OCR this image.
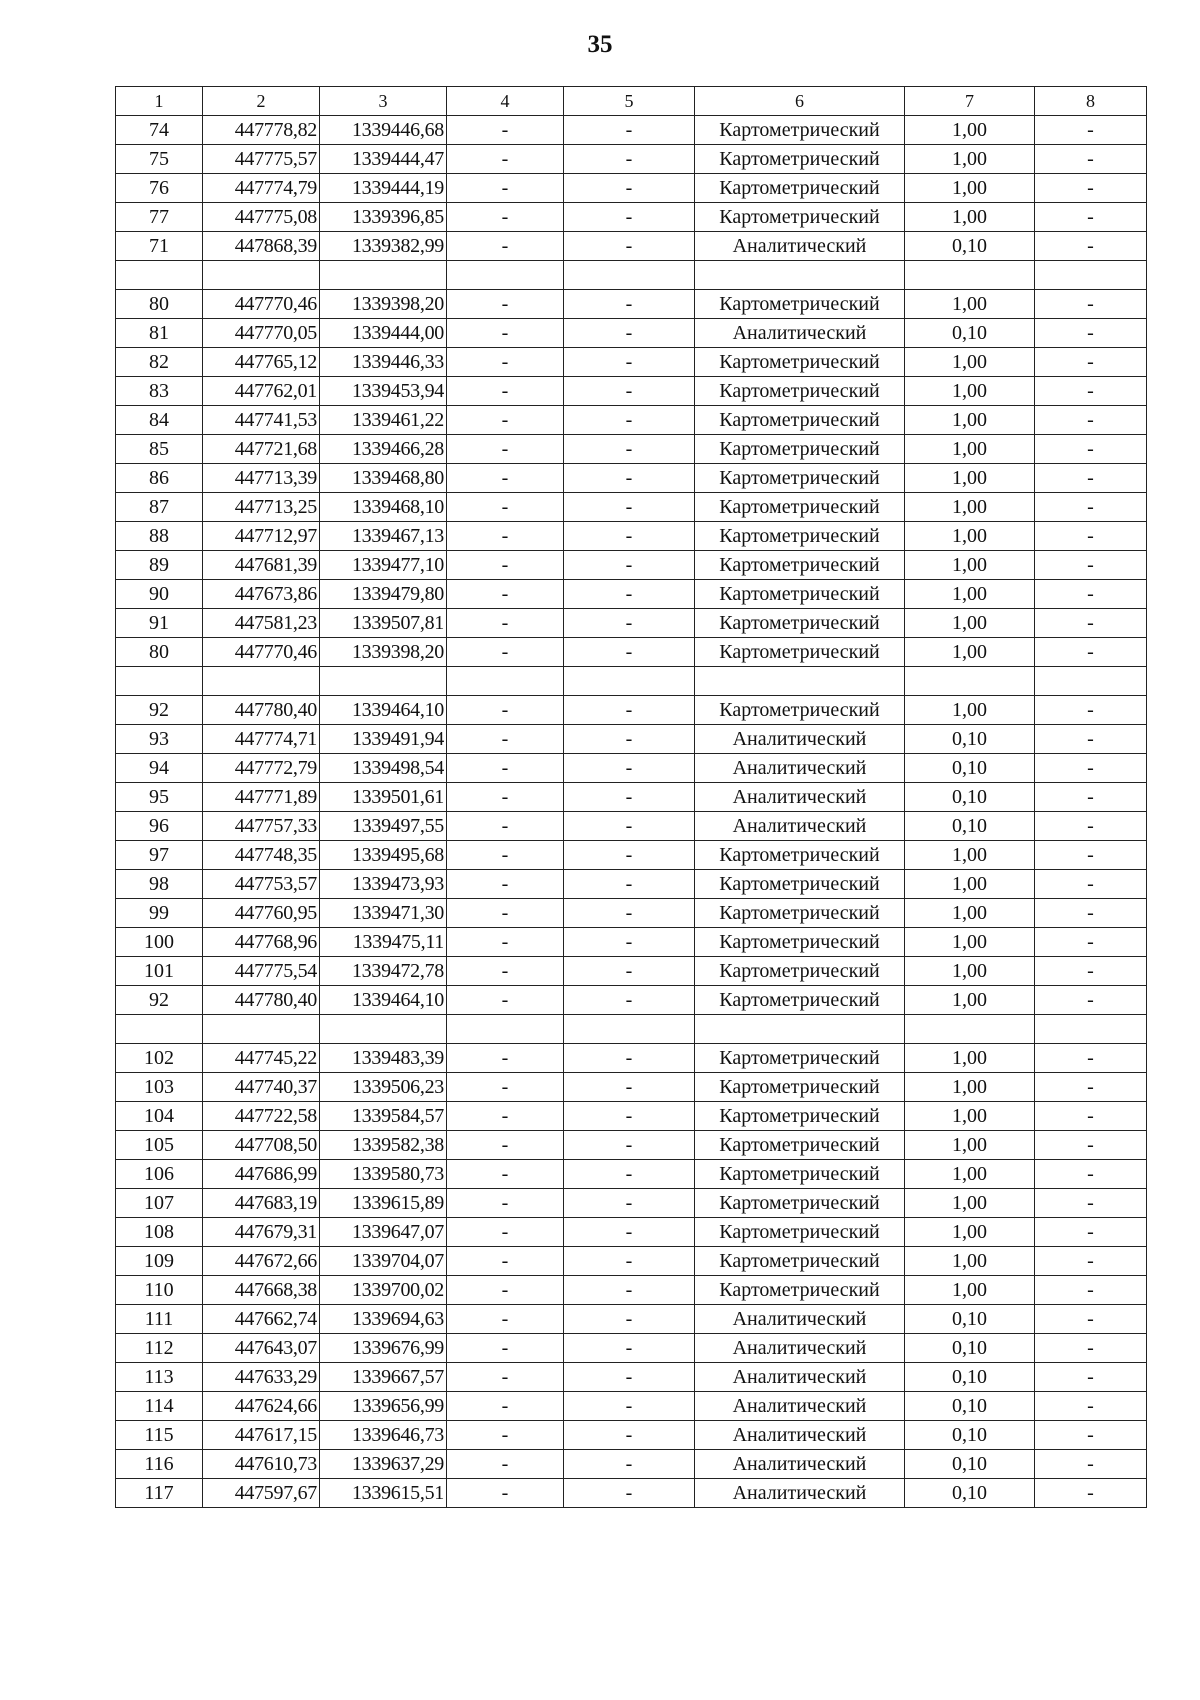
35
1	2	3	4	5	6	7	8
74	447778,82	1339446,68	-	-	Картометрический	1,00	-
75	447775,57	1339444,47	-	-	Картометрический	1,00	-
76	447774,79	1339444,19	-	-	Картометрический	1,00	-
77	447775,08	1339396,85	-	-	Картометрический	1,00	-
71	447868,39	1339382,99	-	-	Аналитический	0,10	-

80	447770,46	1339398,20	-	-	Картометрический	1,00	-
81	447770,05	1339444,00	-	-	Аналитический	0,10	-
82	447765,12	1339446,33	-	-	Картометрический	1,00	-
83	447762,01	1339453,94	-	-	Картометрический	1,00	-
84	447741,53	1339461,22	-	-	Картометрический	1,00	-
85	447721,68	1339466,28	-	-	Картометрический	1,00	-
86	447713,39	1339468,80	-	-	Картометрический	1,00	-
87	447713,25	1339468,10	-	-	Картометрический	1,00	-
88	447712,97	1339467,13	-	-	Картометрический	1,00	-
89	447681,39	1339477,10	-	-	Картометрический	1,00	-
90	447673,86	1339479,80	-	-	Картометрический	1,00	-
91	447581,23	1339507,81	-	-	Картометрический	1,00	-
80	447770,46	1339398,20	-	-	Картометрический	1,00	-

92	447780,40	1339464,10	-	-	Картометрический	1,00	-
93	447774,71	1339491,94	-	-	Аналитический	0,10	-
94	447772,79	1339498,54	-	-	Аналитический	0,10	-
95	447771,89	1339501,61	-	-	Аналитический	0,10	-
96	447757,33	1339497,55	-	-	Аналитический	0,10	-
97	447748,35	1339495,68	-	-	Картометрический	1,00	-
98	447753,57	1339473,93	-	-	Картометрический	1,00	-
99	447760,95	1339471,30	-	-	Картометрический	1,00	-
100	447768,96	1339475,11	-	-	Картометрический	1,00	-
101	447775,54	1339472,78	-	-	Картометрический	1,00	-
92	447780,40	1339464,10	-	-	Картометрический	1,00	-

102	447745,22	1339483,39	-	-	Картометрический	1,00	-
103	447740,37	1339506,23	-	-	Картометрический	1,00	-
104	447722,58	1339584,57	-	-	Картометрический	1,00	-
105	447708,50	1339582,38	-	-	Картометрический	1,00	-
106	447686,99	1339580,73	-	-	Картометрический	1,00	-
107	447683,19	1339615,89	-	-	Картометрический	1,00	-
108	447679,31	1339647,07	-	-	Картометрический	1,00	-
109	447672,66	1339704,07	-	-	Картометрический	1,00	-
110	447668,38	1339700,02	-	-	Картометрический	1,00	-
111	447662,74	1339694,63	-	-	Аналитический	0,10	-
112	447643,07	1339676,99	-	-	Аналитический	0,10	-
113	447633,29	1339667,57	-	-	Аналитический	0,10	-
114	447624,66	1339656,99	-	-	Аналитический	0,10	-
115	447617,15	1339646,73	-	-	Аналитический	0,10	-
116	447610,73	1339637,29	-	-	Аналитический	0,10	-
117	447597,67	1339615,51	-	-	Аналитический	0,10	-
